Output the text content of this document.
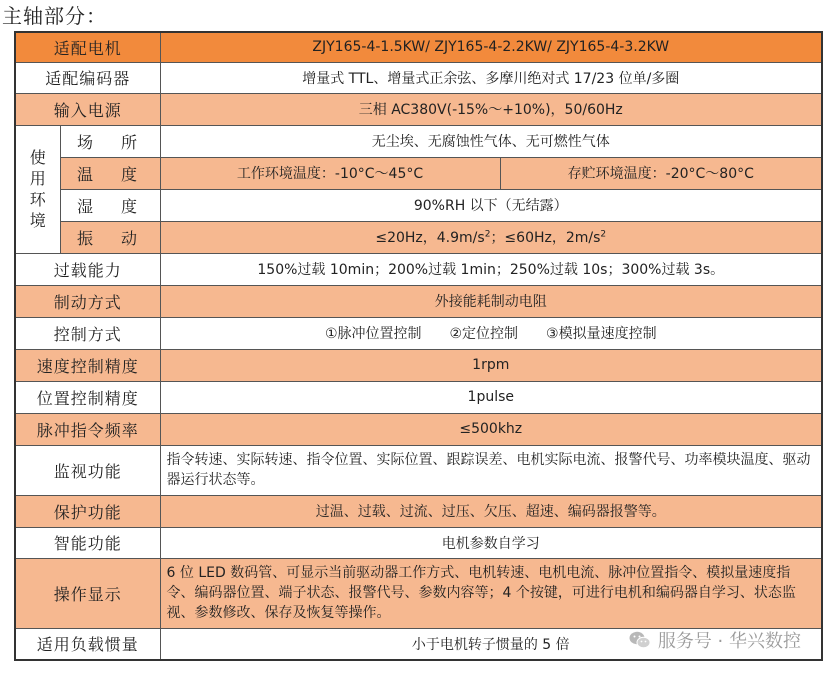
主轴部分：
适配电机		ZJY165-4-1.5KW/ ZJY165-4-2.2KW/ ZJY165-4-3.2KW	
适配编码器		增量式 TTL、增量式正余弦、多摩川绝对式 17/23 位单/多圈	
输入电源		三相 AC380V(-15%～+10%)，50/60Hz	

使用环境	场　所	无尘埃、无腐蚀性气体、无可燃性气体	
	温　度	工作环境温度：-10°C～45°C	存贮环境温度：-20°C～80°C
	湿　度	90%RH 以下（无结露）	
	振　动	≤20Hz，$4.9m/s^2$；≤60Hz，$2m/s^2$
过载能力		150%过载 10min；200%过载 1min；250%过载 10s；300%过载 3s。	
制动方式		外接能耗制动电阻	
控制方式		①脉冲位置控制　　②定位控制　　③模拟量速度控制	
速度控制精度		1rpm	
位置控制精度		1pulse	
脉冲指令频率		≤500khz	
监视功能		指令转速、实际转速、指令位置、实际位置、跟踪误差、电机实际电流、报警代号、功率模块温度、驱动器运行状态等。	
保护功能		过温、过载、过流、过压、欠压、超速、编码器报警等。	
智能功能		电机参数自学习	
操作显示		6 位 LED 数码管、可显示当前驱动器工作方式、电机转速、电机电流、脉冲位置指令、模拟量速度指令、编码器位置、端子状态、报警代号、参数内容等；4 个按键，可进行电机和编码器自学习、状态监视、参数修改、保存及恢复等操作。	
适用负载惯量		小于电机转子惯量的 5 倍		服务号 · 华兴数控
